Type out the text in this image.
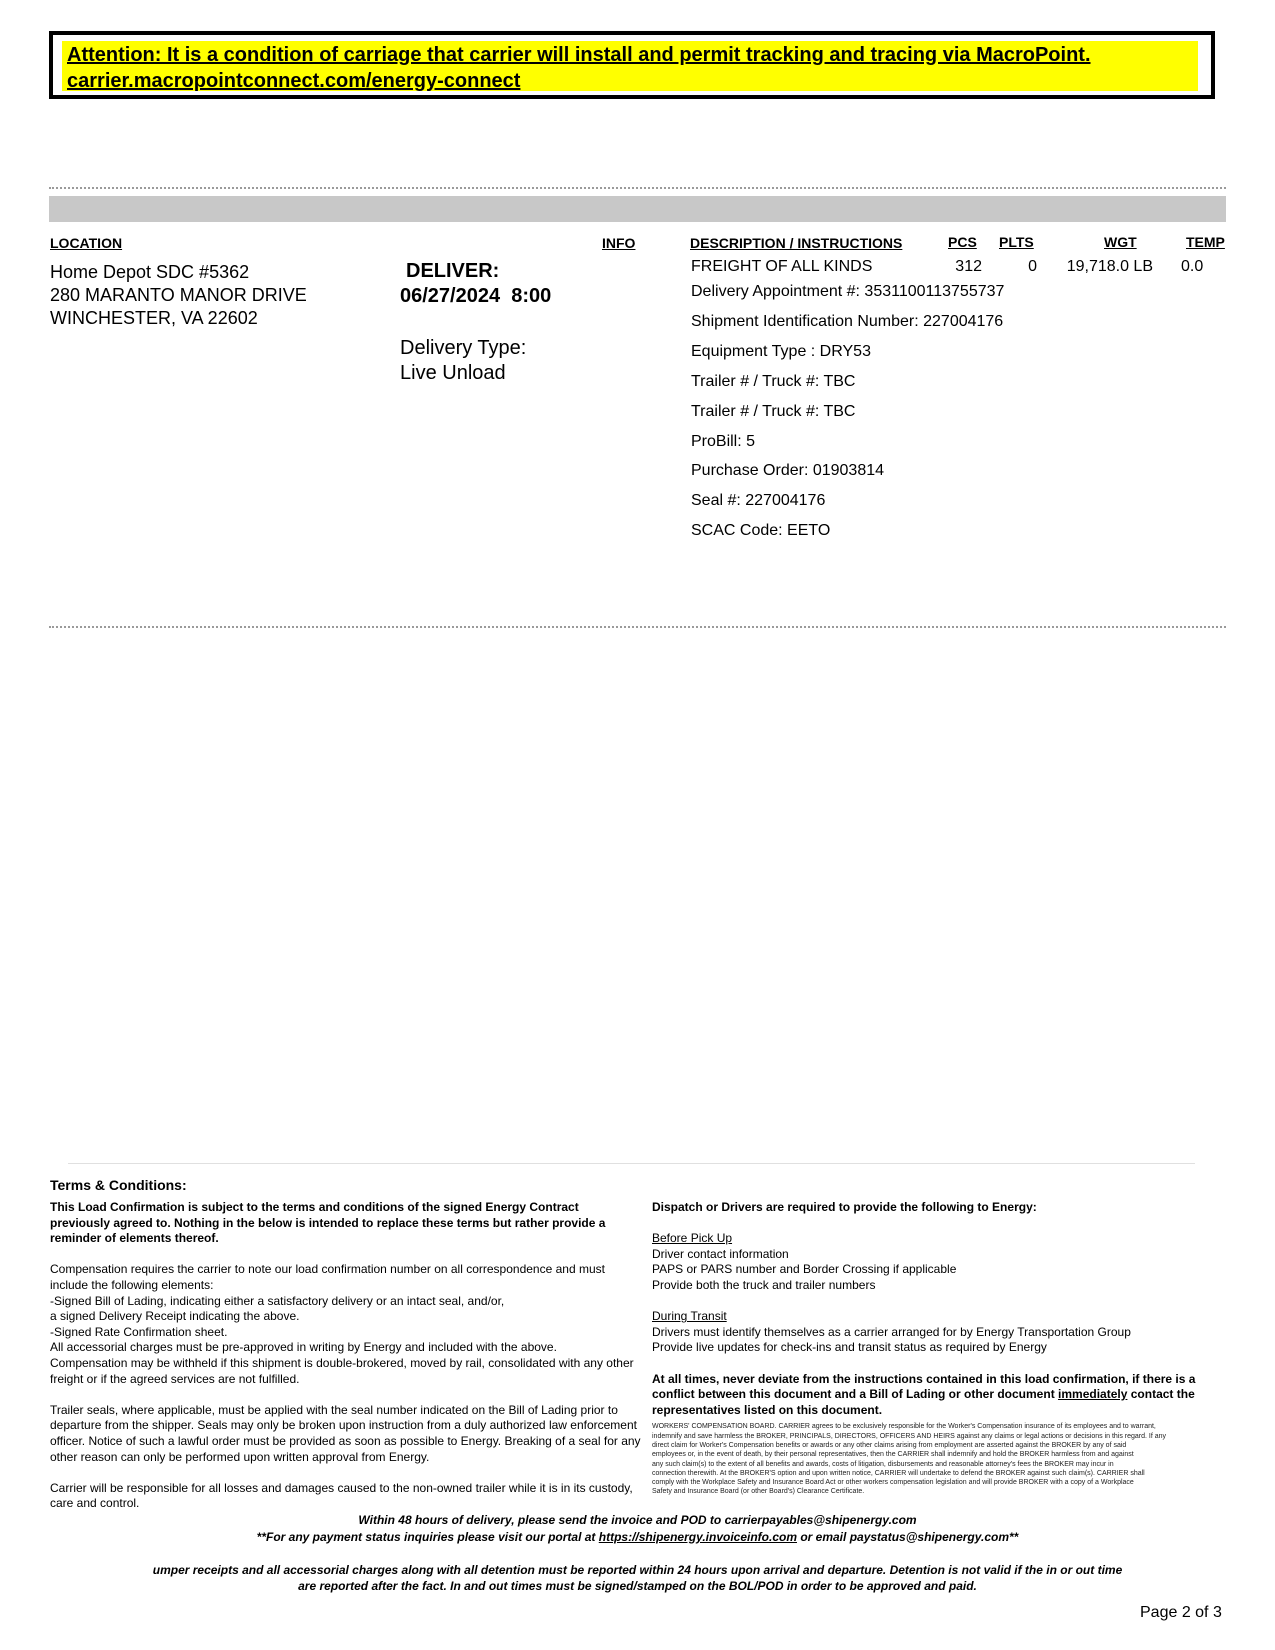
Attention: It is a condition of carriage that carrier will install and permit tracking and tracing via MacroPoint.
carrier.macropointconnect.com/energy-connect
LOCATION	INFO	DESCRIPTION / INSTRUCTIONS	PCS PLTS	WGT	TEMP
Home Depot SDC #5362
280 MARANTO MANOR DRIVE
WINCHESTER, VA 22602
DELIVER:
06/27/2024  8:00
Delivery Type:
Live Unload
FREIGHT OF ALL KINDS	312	0	19,718.0 LB 0.0
Delivery Appointment #: 3531100113755737
Shipment Identification Number: 227004176
Equipment Type : DRY53
Trailer # / Truck #: TBC
Trailer # / Truck #: TBC
ProBill: 5
Purchase Order: 01903814
Seal #: 227004176
SCAC Code: EETO
Terms & Conditions:
This Load Confirmation is subject to the terms and conditions of the signed Energy Contract
previously agreed to. Nothing in the below is intended to replace these terms but rather provide a
reminder of elements thereof.
Compensation requires the carrier to note our load confirmation number on all correspondence and must
include the following elements:
-Signed Bill of Lading, indicating either a satisfactory delivery or an intact seal, and/or,
a signed Delivery Receipt indicating the above.
-Signed Rate Confirmation sheet.
All accessorial charges must be pre-approved in writing by Energy and included with the above.
Compensation may be withheld if this shipment is double-brokered, moved by rail, consolidated with any other
freight or if the agreed services are not fulfilled.
Trailer seals, where applicable, must be applied with the seal number indicated on the Bill of Lading prior to
departure from the shipper. Seals may only be broken upon instruction from a duly authorized law enforcement
officer. Notice of such a lawful order must be provided as soon as possible to Energy. Breaking of a seal for any
other reason can only be performed upon written approval from Energy.
Carrier will be responsible for all losses and damages caused to the non-owned trailer while it is in its custody,
care and control.
Dispatch or Drivers are required to provide the following to Energy:
Before Pick Up
Driver contact information
PAPS or PARS number and Border Crossing if applicable
Provide both the truck and trailer numbers
During Transit
Drivers must identify themselves as a carrier arranged for by Energy Transportation Group
Provide live updates for check-ins and transit status as required by Energy
At all times, never deviate from the instructions contained in this load confirmation, if there is a
conflict between this document and a Bill of Lading or other document immediately contact the
representatives listed on this document.
WORKERS' COMPENSATION BOARD. CARRIER agrees to be exclusively responsible for the Worker's Compensation insurance of its employees and to warrant,
indemnify and save harmless the BROKER, PRINCIPALS, DIRECTORS, OFFICERS AND HEIRS against any claims or legal actions or decisions in this regard. If any
direct claim for Worker's Compensation benefits or awards or any other claims arising from employment are asserted against the BROKER by any of said
employees or, in the event of death, by their personal representatives, then the CARRIER shall indemnify and hold the BROKER harmless from and against
any such claim(s) to the extent of all benefits and awards, costs of litigation, disbursements and reasonable attorney's fees the BROKER may incur in
connection therewith. At the BROKER'S option and upon written notice, CARRIER will undertake to defend the BROKER against such claim(s). CARRIER shall
comply with the Workplace Safety and Insurance Board Act or other workers compensation legislation and will provide BROKER with a copy of a Workplace
Safety and Insurance Board (or other Board's) Clearance Certificate.
Within 48 hours of delivery, please send the invoice and POD to carrierpayables@shipenergy.com
**For any payment status inquiries please visit our portal at https://shipenergy.invoiceinfo.com or email paystatus@shipenergy.com**
umper receipts and all accessorial charges along with all detention must be reported within 24 hours upon arrival and departure. Detention is not valid if the in or out time
are reported after the fact. In and out times must be signed/stamped on the BOL/POD in order to be approved and paid.
Page 2 of 3
